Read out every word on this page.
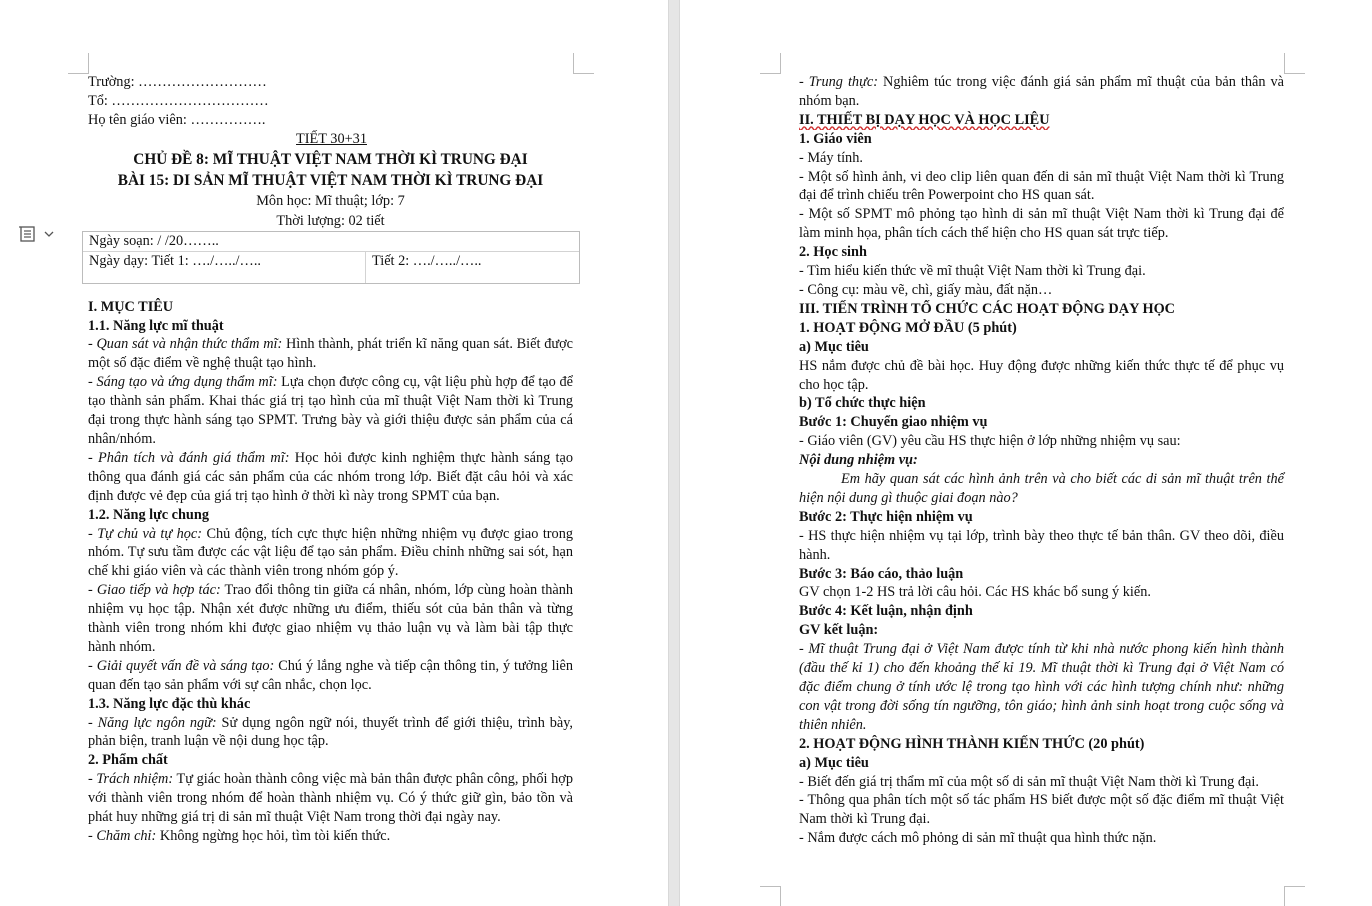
Trường: ………………………
Tổ: ……………………………
Họ tên giáo viên: …………….
TIẾT 30+31
CHỦ ĐỀ 8: MĨ THUẬT VIỆT NAM THỜI KÌ TRUNG ĐẠI
BÀI 15: DI SẢN MĨ THUẬT VIỆT NAM THỜI KÌ TRUNG ĐẠI
Môn học: Mĩ thuật; lớp: 7
Thời lượng: 02 tiết
Ngày soạn: / /20……..
Ngày dạy: Tiết 1: …./…../…..	Tiết 2: …./…../…..
I. MỤC TIÊU
1.1. Năng lực mĩ thuật
- Quan sát và nhận thức thẩm mĩ: Hình thành, phát triển kĩ năng quan sát. Biết được một số đặc điểm về nghệ thuật tạo hình.
- Sáng tạo và ứng dụng thẩm mĩ: Lựa chọn được công cụ, vật liệu phù hợp để tạo để tạo thành sản phẩm. Khai thác giá trị tạo hình của mĩ thuật Việt Nam thời kì Trung đại trong thực hành sáng tạo SPMT. Trưng bày và giới thiệu được sản phẩm của cá nhân/nhóm.
- Phân tích và đánh giá thẩm mĩ: Học hỏi được kinh nghiệm thực hành sáng tạo thông qua đánh giá các sản phẩm của các nhóm trong lớp. Biết đặt câu hỏi và xác định được vẻ đẹp của giá trị tạo hình ở thời kì này trong SPMT của bạn.
1.2. Năng lực chung
- Tự chủ và tự học: Chủ động, tích cực thực hiện những nhiệm vụ được giao trong nhóm. Tự sưu tầm được các vật liệu để tạo sản phẩm. Điều chỉnh những sai sót, hạn chế khi giáo viên và các thành viên trong nhóm góp ý.
- Giao tiếp và hợp tác: Trao đổi thông tin giữa cá nhân, nhóm, lớp cùng hoàn thành nhiệm vụ học tập. Nhận xét được những ưu điểm, thiếu sót của bản thân và từng thành viên trong nhóm khi được giao nhiệm vụ thảo luận vụ và làm bài tập thực hành nhóm.
- Giải quyết vấn đề và sáng tạo: Chú ý lắng nghe và tiếp cận thông tin, ý tưởng liên quan đến tạo sản phẩm với sự cân nhắc, chọn lọc.
1.3. Năng lực đặc thù khác
- Năng lực ngôn ngữ: Sử dụng ngôn ngữ nói, thuyết trình để giới thiệu, trình bày, phản biện, tranh luận về nội dung học tập.
2. Phẩm chất
- Trách nhiệm: Tự giác hoàn thành công việc mà bản thân được phân công, phối hợp với thành viên trong nhóm để hoàn thành nhiệm vụ. Có ý thức giữ gìn, bảo tồn và phát huy những giá trị di sản mĩ thuật Việt Nam trong thời đại ngày nay.
- Chăm chỉ: Không ngừng học hỏi, tìm tòi kiến thức.
- Trung thực: Nghiêm túc trong việc đánh giá sản phẩm mĩ thuật của bản thân và nhóm bạn.
II. THIẾT BỊ DẠY HỌC VÀ HỌC LIỆU
1. Giáo viên
- Máy tính.
- Một số hình ảnh, vi deo clip liên quan đến di sản mĩ thuật Việt Nam thời kì Trung đại để trình chiếu trên Powerpoint cho HS quan sát.
- Một số SPMT mô phỏng tạo hình di sản mĩ thuật Việt Nam thời kì Trung đại để làm minh họa, phân tích cách thể hiện cho HS quan sát trực tiếp.
2. Học sinh
- Tìm hiểu kiến thức về mĩ thuật Việt Nam thời kì Trung đại.
- Công cụ: màu vẽ, chì, giấy màu, đất nặn…
III. TIẾN TRÌNH TỔ CHỨC CÁC HOẠT ĐỘNG DẠY HỌC
1. HOẠT ĐỘNG MỞ ĐẦU (5 phút)
a) Mục tiêu
HS nắm được chủ đề bài học. Huy động được những kiến thức thực tế để phục vụ cho học tập.
b) Tổ chức thực hiện
Bước 1: Chuyển giao nhiệm vụ
- Giáo viên (GV) yêu cầu HS thực hiện ở lớp những nhiệm vụ sau:
Nội dung nhiệm vụ:
Em hãy quan sát các hình ảnh trên và cho biết các di sản mĩ thuật trên thể hiện nội dung gì thuộc giai đoạn nào?
Bước 2: Thực hiện nhiệm vụ
- HS thực hiện nhiệm vụ tại lớp, trình bày theo thực tế bản thân. GV theo dõi, điều hành.
Bước 3: Báo cáo, thảo luận
GV chọn 1-2 HS trả lời câu hỏi. Các HS khác bổ sung ý kiến.
Bước 4: Kết luận, nhận định
GV kết luận:
- Mĩ thuật Trung đại ở Việt Nam được tính từ khi nhà nước phong kiến hình thành (đầu thế kỉ 1) cho đến khoảng thế kỉ 19. Mĩ thuật thời kì Trung đại ở Việt Nam có đặc điểm chung ở tính ước lệ trong tạo hình với các hình tượng chính như: những con vật trong đời sống tín ngưỡng, tôn giáo; hình ảnh sinh hoạt trong cuộc sống và thiên nhiên.
2. HOẠT ĐỘNG HÌNH THÀNH KIẾN THỨC (20 phút)
a) Mục tiêu
- Biết đến giá trị thẩm mĩ của một số di sản mĩ thuật Việt Nam thời kì Trung đại.
- Thông qua phân tích một số tác phẩm HS biết được một số đặc điểm mĩ thuật Việt Nam thời kì Trung đại.
- Nắm được cách mô phỏng di sản mĩ thuật qua hình thức nặn.
